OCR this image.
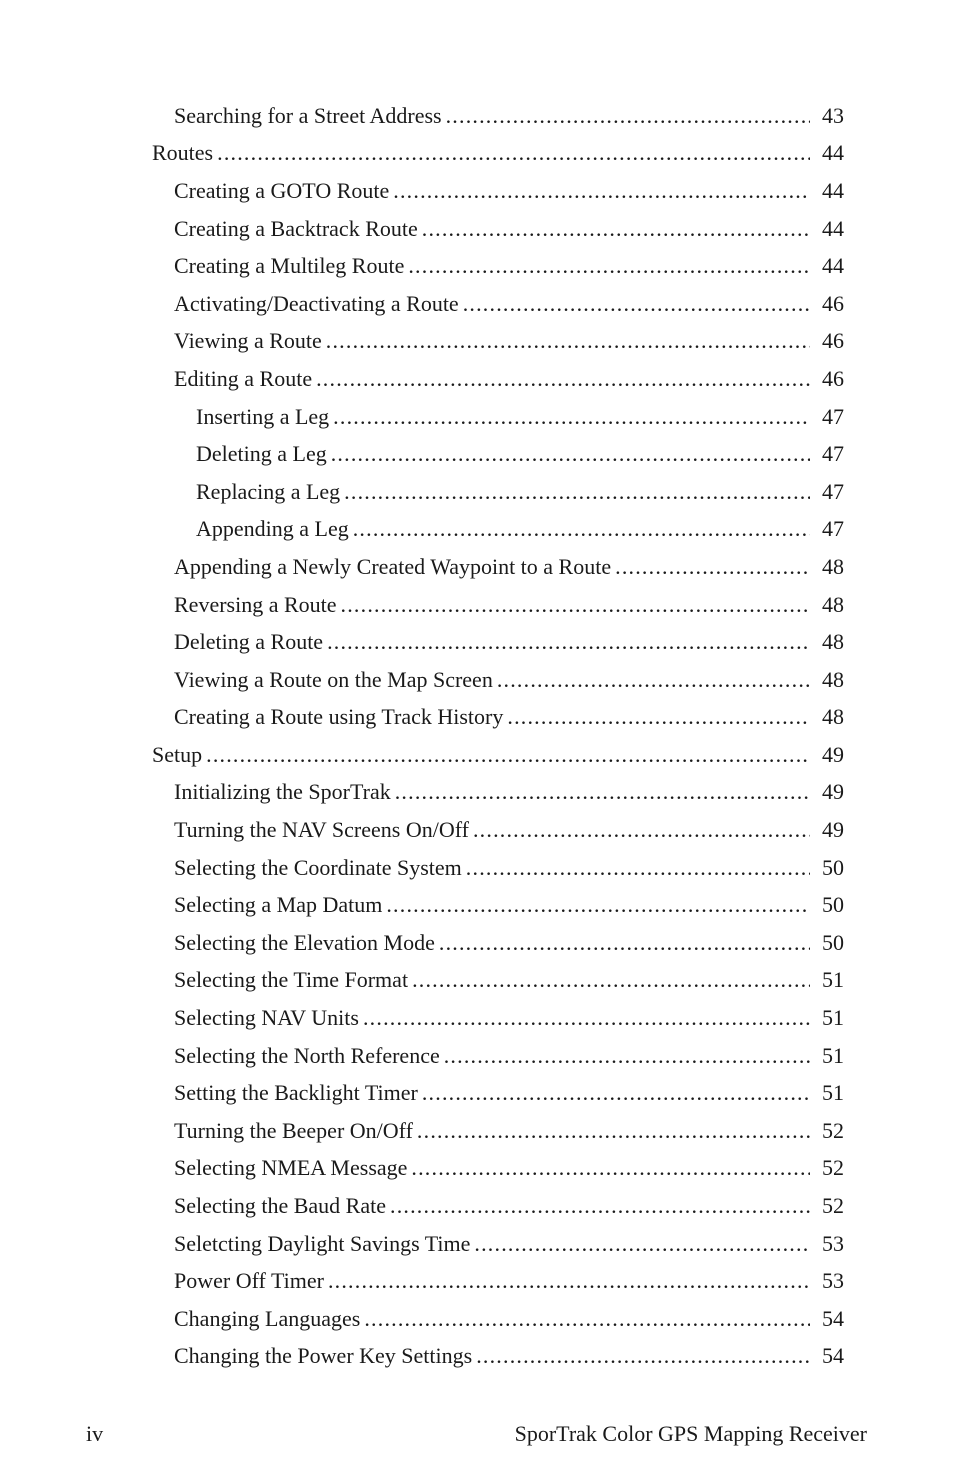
Searching for a Street Address .....	43
Routes .....	44
Creating a GOTO Route .....	44
Creating a Backtrack Route .....	44
Creating a Multileg Route .....	44
Activating/Deactivating a Route .....	46
Viewing a Route .....	46
Editing a Route .....	46
Inserting a Leg .....	47
Deleting a Leg .....	47
Replacing a Leg .....	47
Appending a Leg .....	47
Appending a Newly Created Waypoint to a Route .....	48
Reversing a Route .....	48
Deleting a Route .....	48
Viewing a Route on the Map Screen .....	48
Creating a Route using Track History .....	48
Setup .....	49
Initializing the SporTrak .....	49
Turning the NAV Screens On/Off .....	49
Selecting the Coordinate System .....	50
Selecting a Map Datum .....	50
Selecting the Elevation Mode .....	50
Selecting the Time Format .....	51
Selecting NAV Units .....	51
Selecting the North Reference .....	51
Setting the Backlight Timer .....	51
Turning the Beeper On/Off .....	52
Selecting NMEA Message .....	52
Selecting the Baud Rate .....	52
Seletcting Daylight Savings Time .....	53
Power Off Timer .....	53
Changing Languages .....	54
Changing the Power Key Settings .....	54
iv	SporTrak Color GPS Mapping Receiver
